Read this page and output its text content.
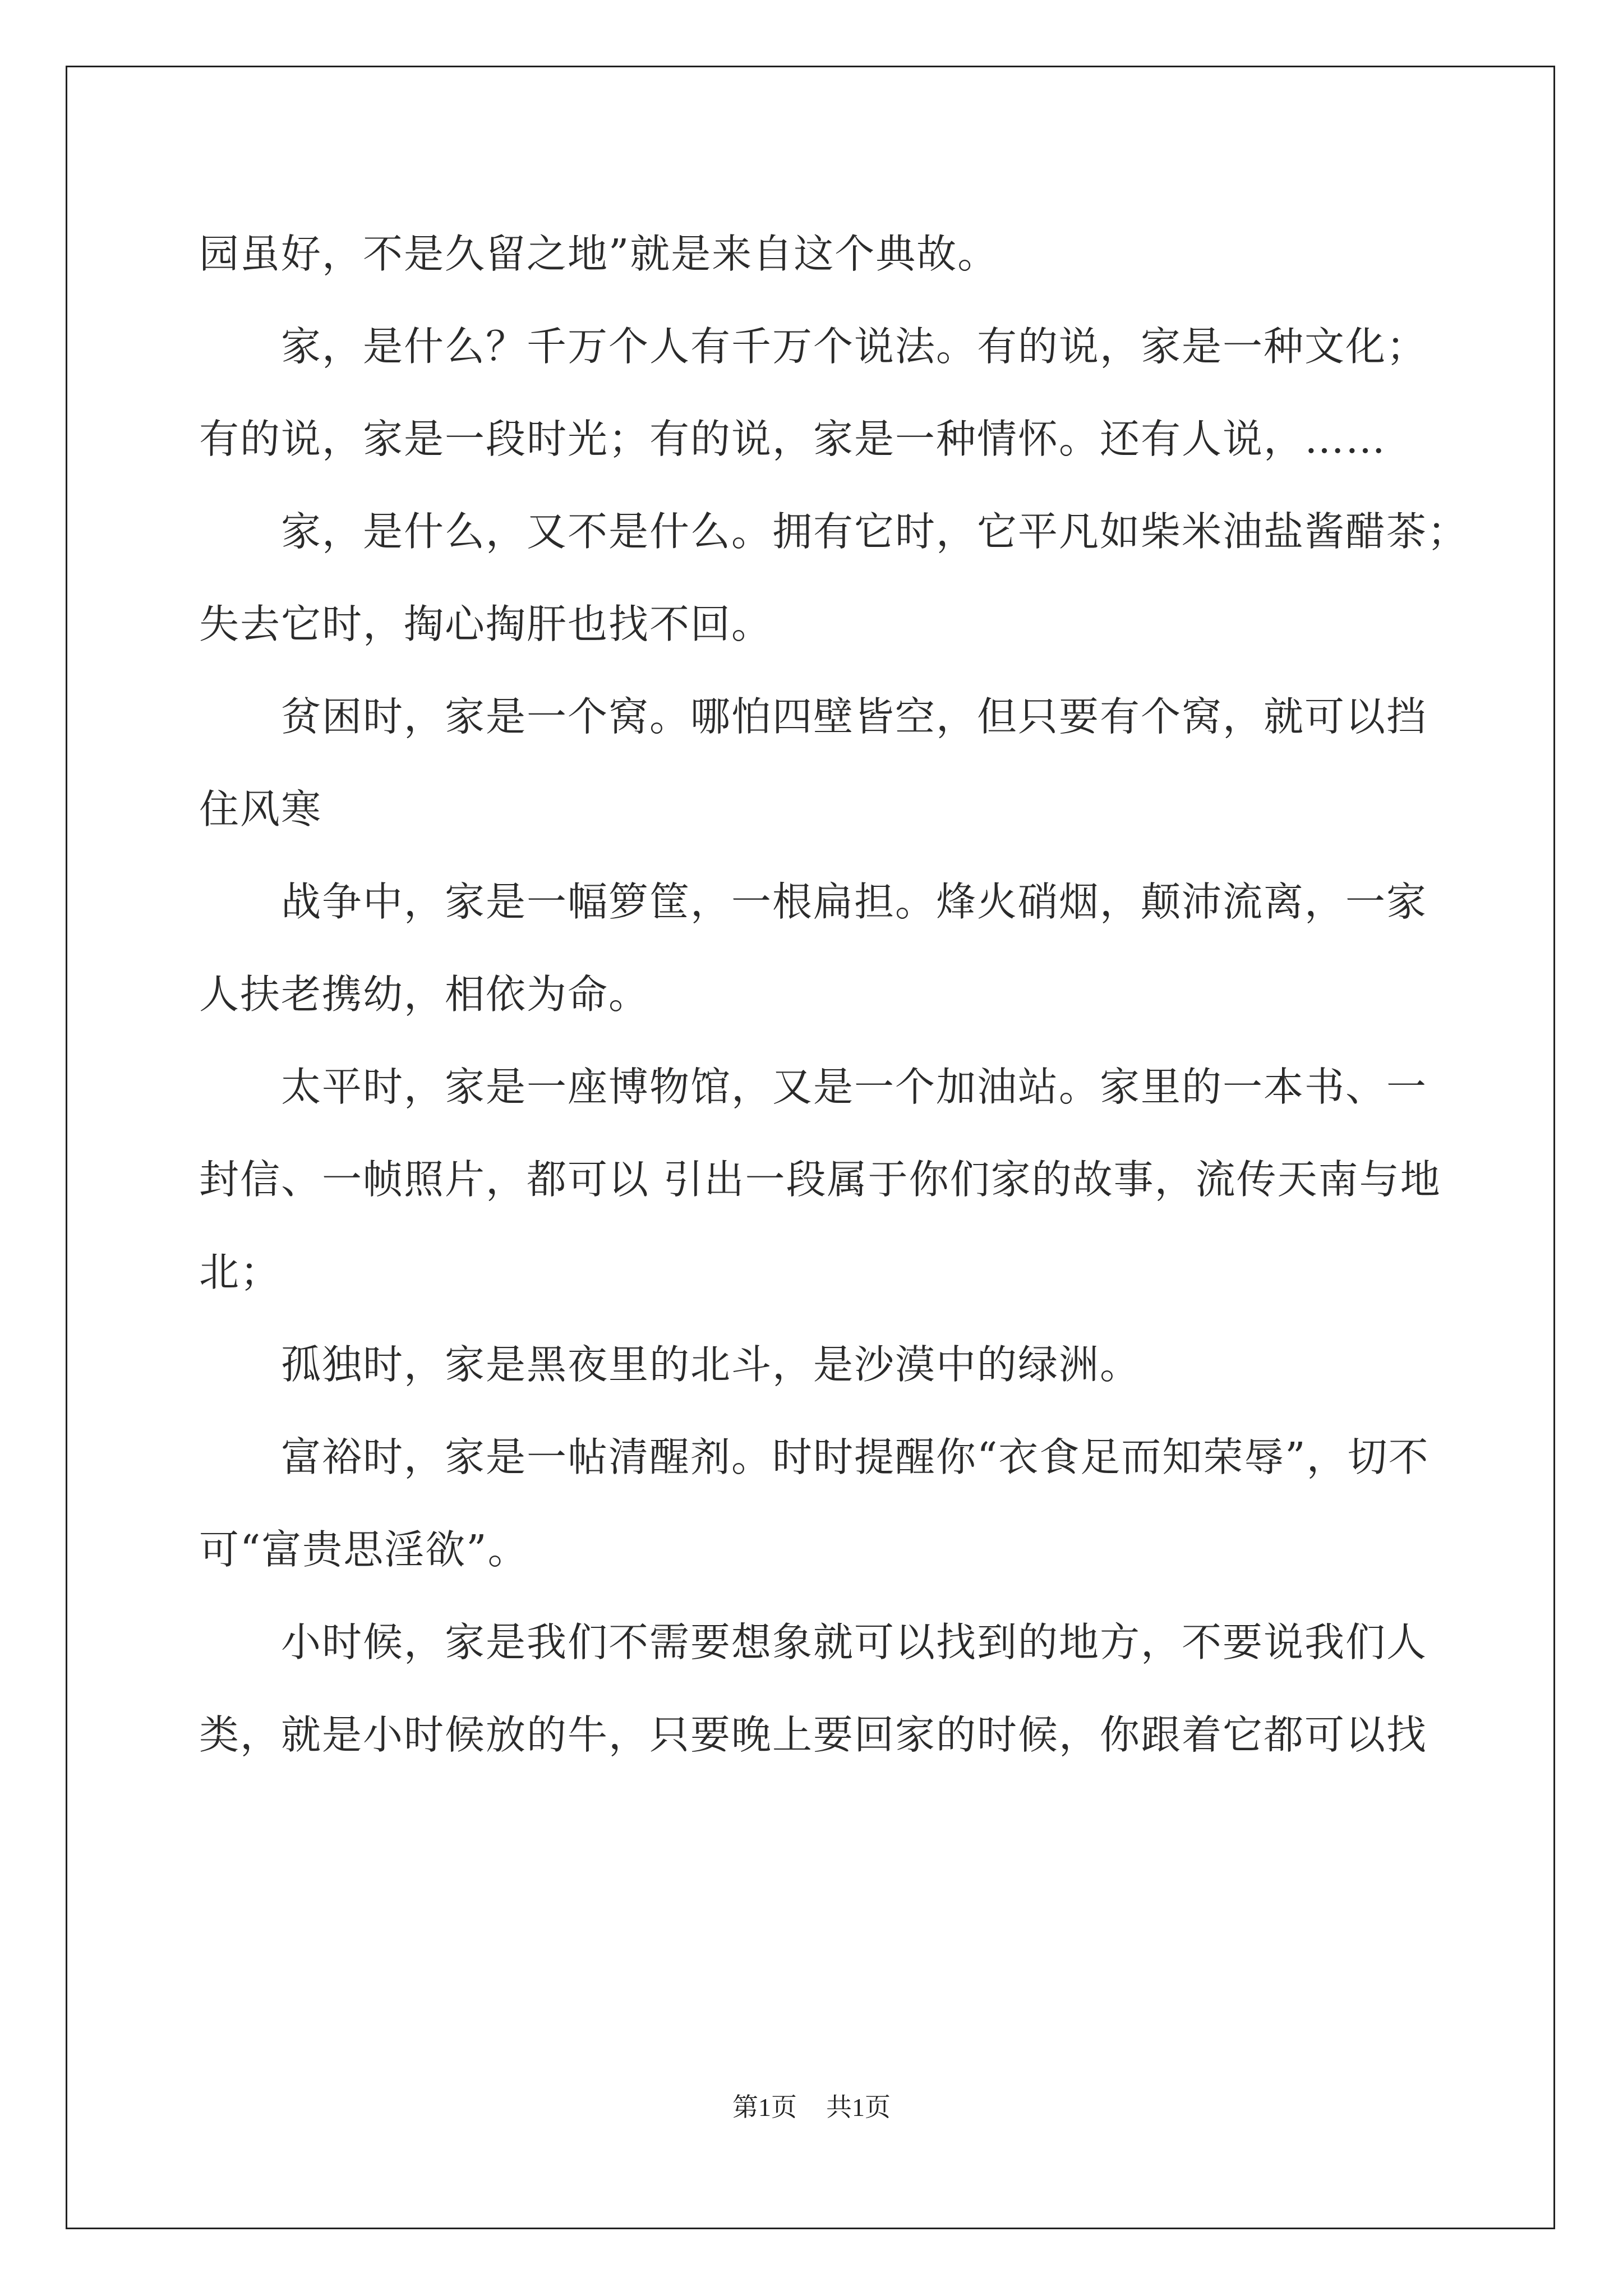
园虽好，不是久留之地”就是来自这个典故。
家，是什么？千万个人有千万个说法。有的说，家是一种文化；
有的说，家是一段时光；有的说，家是一种情怀。还有人说，……
家，是什么，又不是什么。拥有它时，它平凡如柴米油盐酱醋茶；
失去它时，掏心掏肝也找不回。
贫困时，家是一个窝。哪怕四壁皆空，但只要有个窝，就可以挡
住风寒
战争中，家是一幅箩筐，一根扁担。烽火硝烟，颠沛流离，一家
人扶老携幼，相依为命。
太平时，家是一座博物馆，又是一个加油站。家里的一本书、一
封信、一帧照片，都可以 引出一段属于你们家的故事，流传天南与地
北；
孤独时，家是黑夜里的北斗，是沙漠中的绿洲。
富裕时，家是一帖清醒剂。时时提醒你“衣食足而知荣辱”，切不
可“富贵思淫欲”。
小时候，家是我们不需要想象就可以找到的地方，不要说我们人
类，就是小时候放的牛，只要晚上要回家的时候，你跟着它都可以找
第1页 共1页
